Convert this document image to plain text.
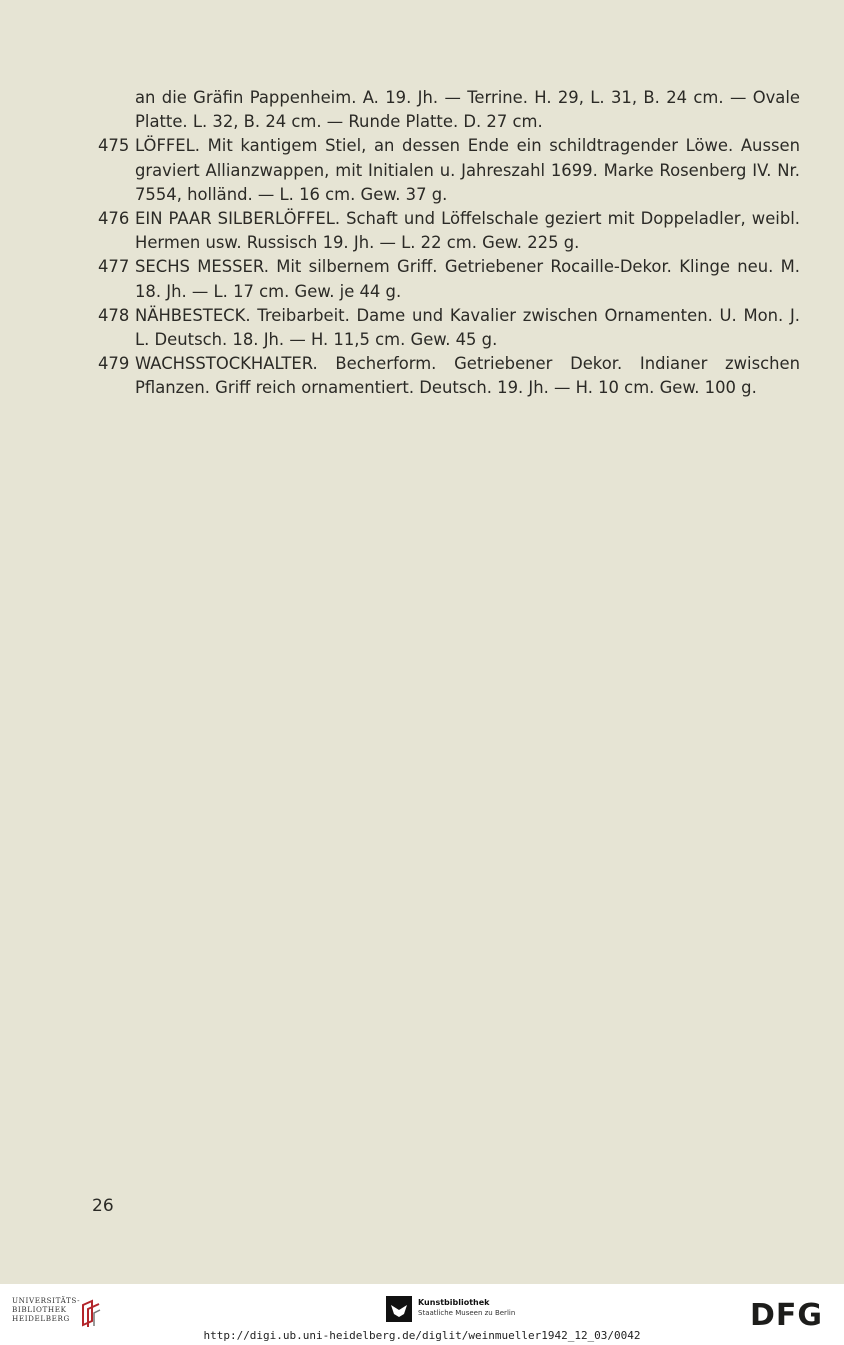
an die Gräfin Pappenheim. A. 19. Jh. — Terrine. H. 29, L. 31, B. 24 cm. — Ovale Platte. L. 32, B. 24 cm. — Runde Platte. D. 27 cm.

475 LÖFFEL. Mit kantigem Stiel, an dessen Ende ein schildtragender Löwe. Aussen graviert Allianzwappen, mit Initialen u. Jahreszahl 1699. Marke Rosenberg IV. Nr. 7554, holländ. — L. 16 cm. Gew. 37 g.

476 EIN PAAR SILBERLÖFFEL. Schaft und Löffelschale geziert mit Doppeladler, weibl. Hermen usw. Russisch 19. Jh. — L. 22 cm. Gew. 225 g.

477 SECHS MESSER. Mit silbernem Griff. Getriebener Rocaille-Dekor. Klinge neu. M. 18. Jh. — L. 17 cm. Gew. je 44 g.

478 NÄHBESTECK. Treibarbeit. Dame und Kavalier zwischen Ornamenten. U. Mon. J. L. Deutsch. 18. Jh. — H. 11,5 cm. Gew. 45 g.

479 WACHSSTOCKHALTER. Becherform. Getriebener Dekor. Indianer zwischen Pflanzen. Griff reich ornamentiert. Deutsch. 19. Jh. — H. 10 cm. Gew. 100 g.

26
UNIVERSITÄTS-
BIBLIOTHEK
HEIDELBERG
Kunstbibliothek
Staatliche Museen zu Berlin	DFG
http://digi.ub.uni-heidelberg.de/diglit/weinmueller1942_12_03/0042
